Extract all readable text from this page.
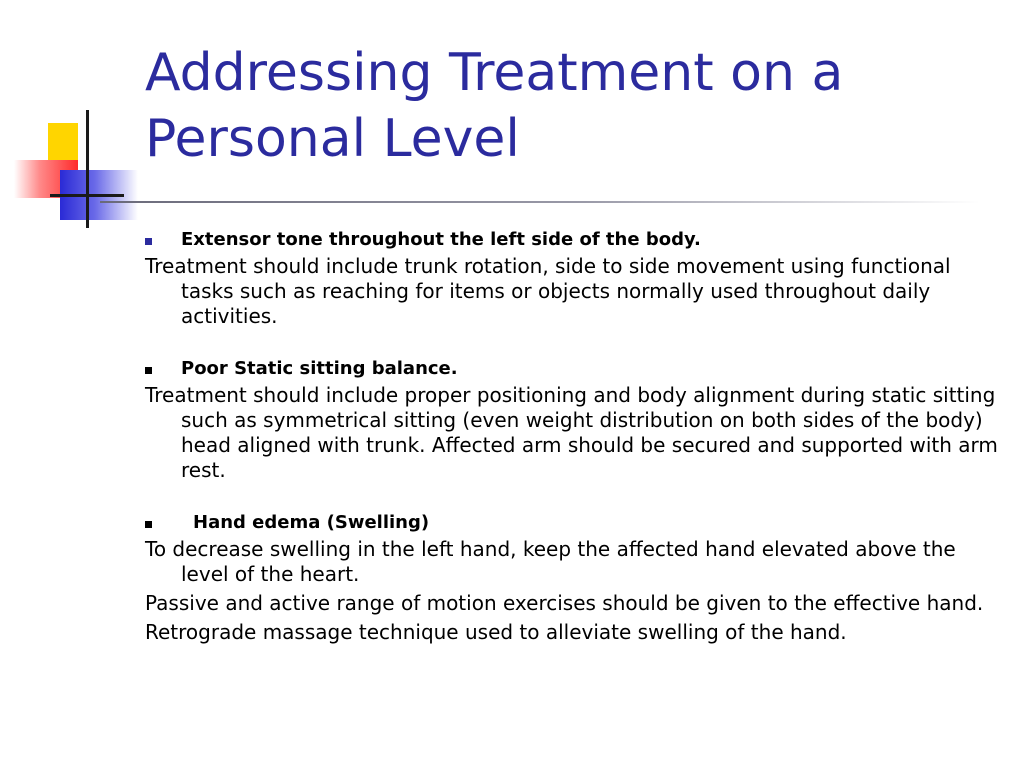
Addressing Treatment on a Personal Level
Extensor tone throughout the left side of the body.

Treatment should include trunk rotation, side to side movement using functional tasks such as reaching for items or objects normally used throughout daily activities.

Poor Static sitting balance.

Treatment should include proper positioning and body alignment during static sitting such as symmetrical sitting (even weight distribution on both sides of the body) head aligned with trunk. Affected arm should be secured and supported with arm rest.

Hand edema (Swelling)

To decrease swelling in the left hand, keep the affected hand elevated above the level of the heart.

Passive and active range of motion exercises should be given to the effective hand.

Retrograde massage technique used to alleviate swelling of the hand.
